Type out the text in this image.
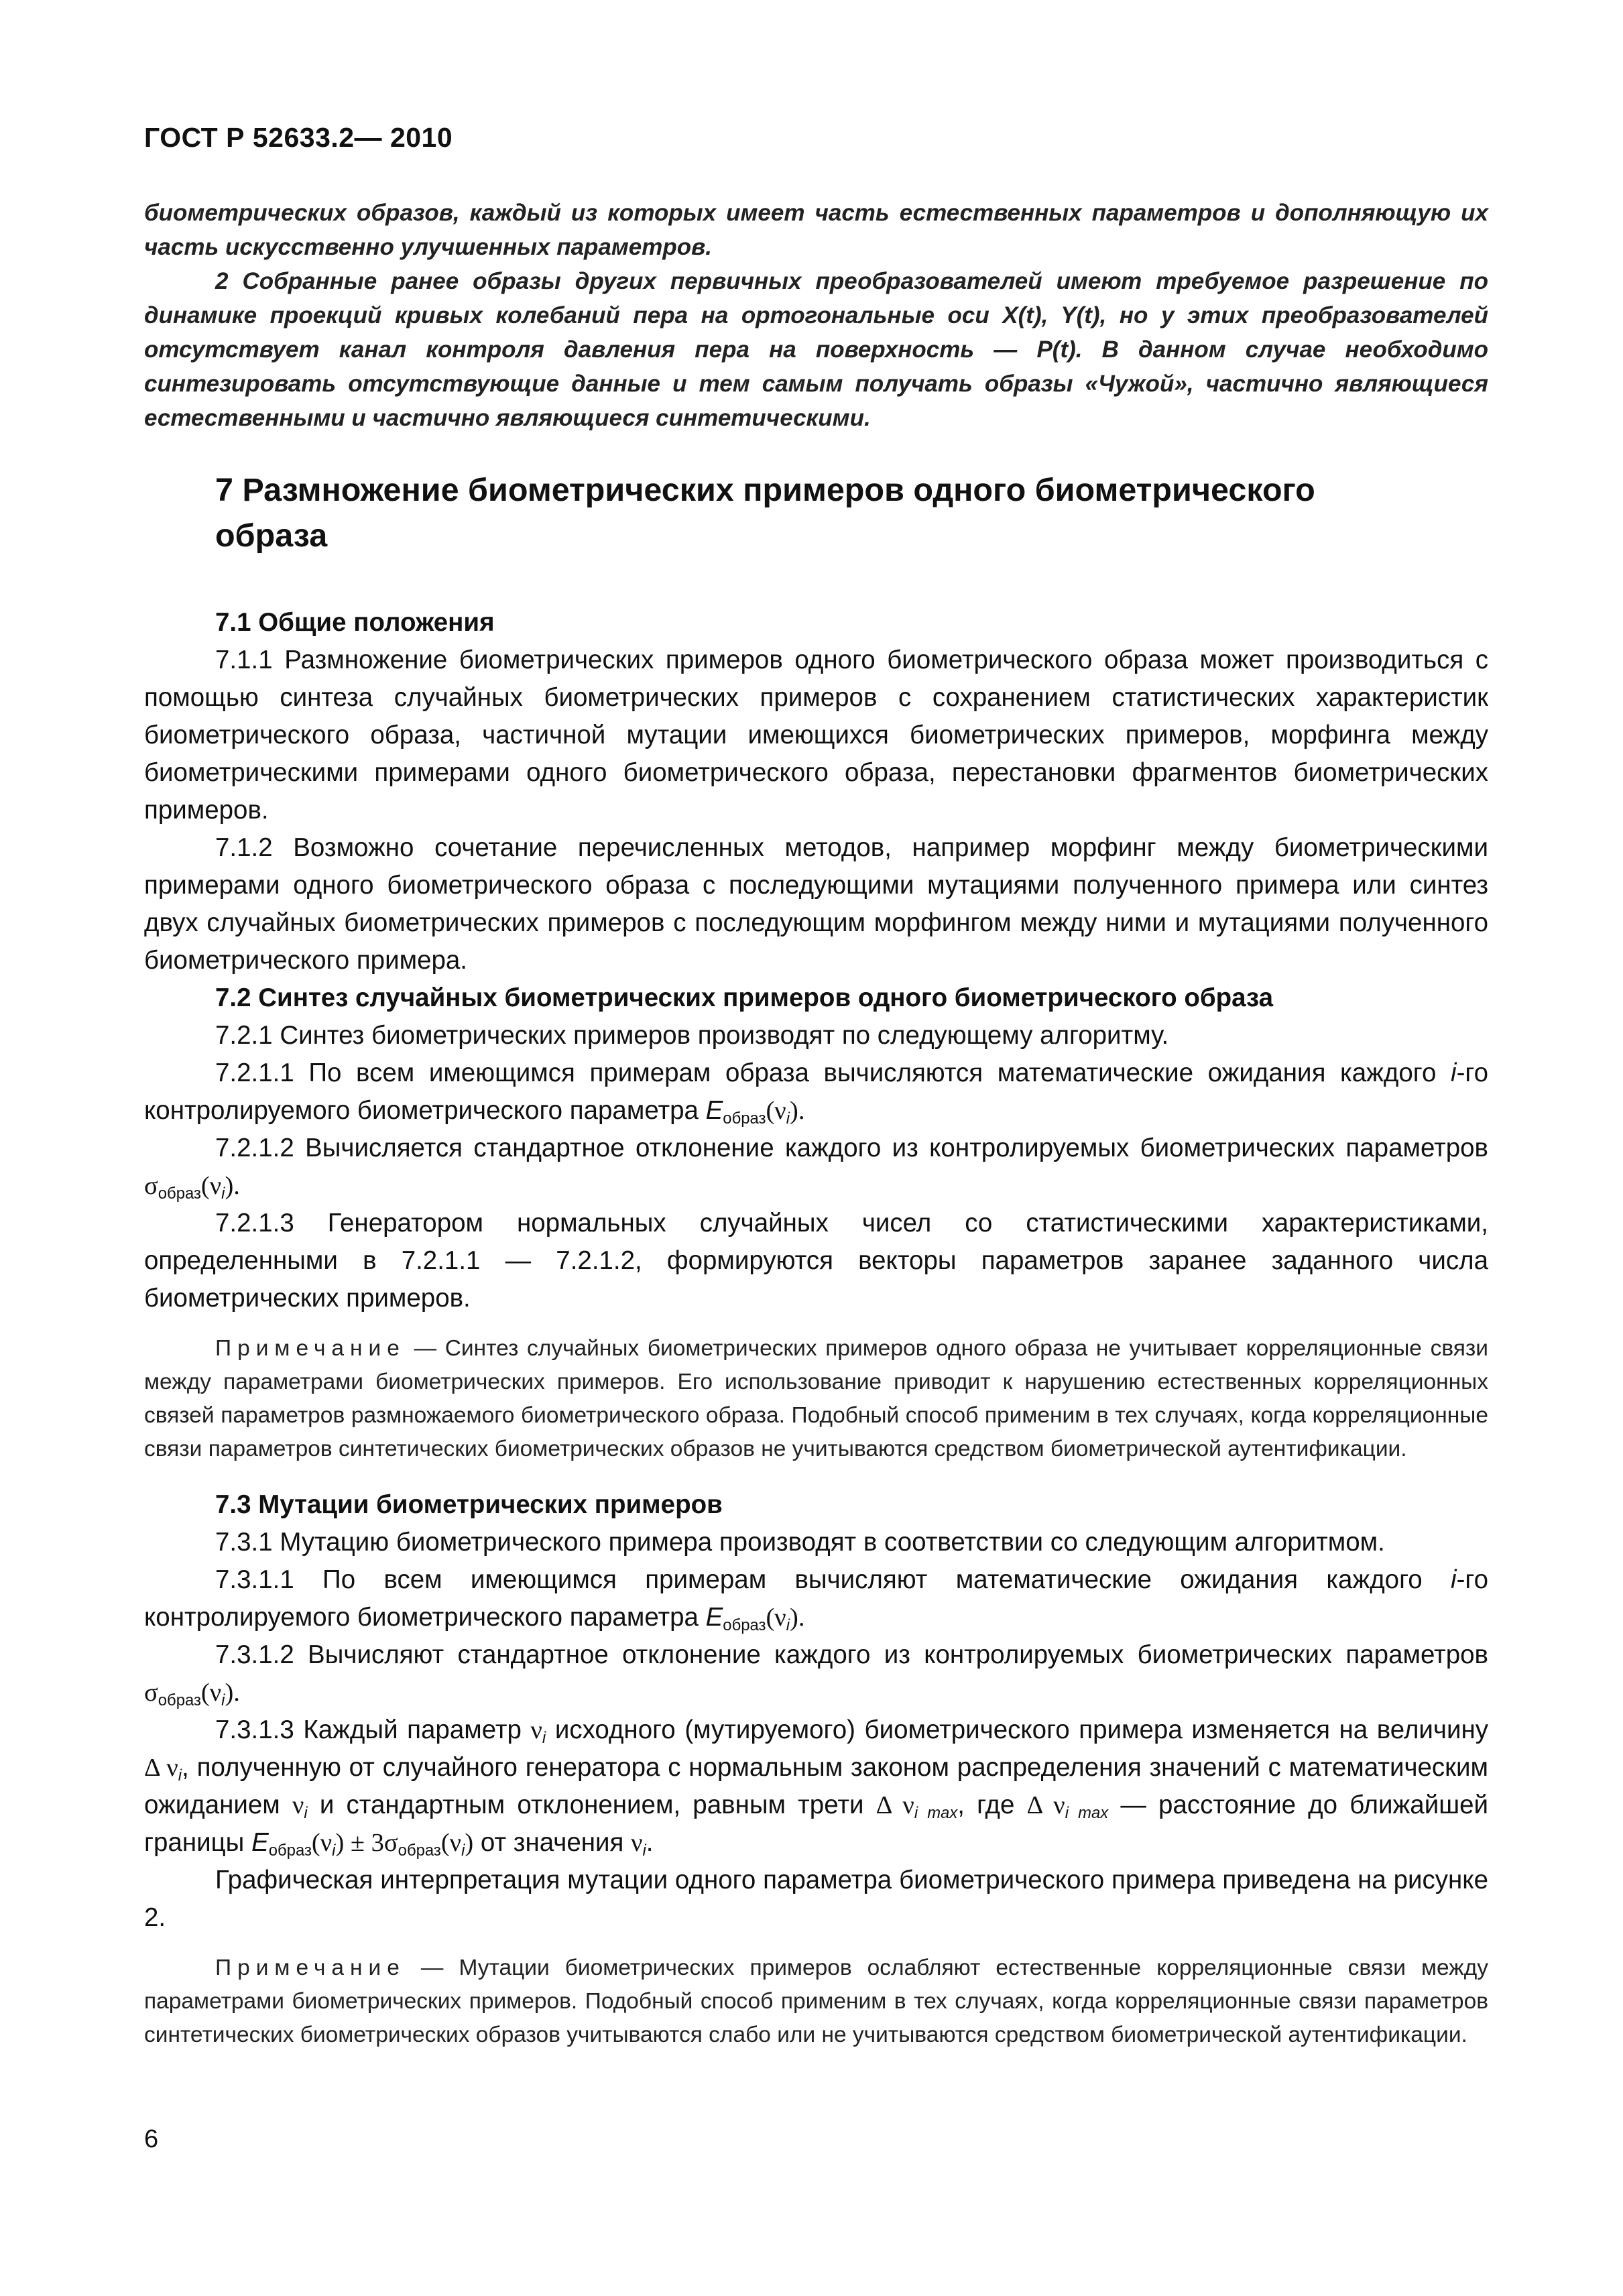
ГОСТ Р 52633.2— 2010

биометрических образов, каждый из которых имеет часть естественных параметров и дополняющую их часть искусственно улучшенных параметров.

2 Собранные ранее образы других первичных преобразователей имеют требуемое разрешение по динамике проекций кривых колебаний пера на ортогональные оси X(t), Y(t), но у этих преобразователей отсутствует канал контроля давления пера на поверхность — P(t). В данном случае необходимо синтезировать отсутствующие данные и тем самым получать образы «Чужой», частично являющиеся естественными и частично являющиеся синтетическими.

7 Размножение биометрических примеров одного биометрического образа

7.1 Общие положения

7.1.1 Размножение биометрических примеров одного биометрического образа может производиться с помощью синтеза случайных биометрических примеров с сохранением статистических характеристик биометрического образа, частичной мутации имеющихся биометрических примеров, морфинга между биометрическими примерами одного биометрического образа, перестановки фрагментов биометрических примеров.

7.1.2 Возможно сочетание перечисленных методов, например морфинг между биометрическими примерами одного биометрического образа с последующими мутациями полученного примера или синтез двух случайных биометрических примеров с последующим морфингом между ними и мутациями полученного биометрического примера.

7.2 Синтез случайных биометрических примеров одного биометрического образа

7.2.1 Синтез биометрических примеров производят по следующему алгоритму.

7.2.1.1 По всем имеющимся примерам образа вычисляются математические ожидания каждого i-го контролируемого биометрического параметра $E_{образ}(\nu_i)$.

7.2.1.2 Вычисляется стандартное отклонение каждого из контролируемых биометрических параметров $\sigma_{образ}(\nu_i)$.

7.2.1.3 Генератором нормальных случайных чисел со статистическими характеристиками, определенными в 7.2.1.1 — 7.2.1.2, формируются векторы параметров заранее заданного числа биометрических примеров.

Примечание — Синтез случайных биометрических примеров одного образа не учитывает корреляционные связи между параметрами биометрических примеров. Его использование приводит к нарушению естественных корреляционных связей параметров размножаемого биометрического образа. Подобный способ применим в тех случаях, когда корреляционные связи параметров синтетических биометрических образов не учитываются средством биометрической аутентификации.

7.3 Мутации биометрических примеров

7.3.1 Мутацию биометрического примера производят в соответствии со следующим алгоритмом.

7.3.1.1 По всем имеющимся примерам вычисляют математические ожидания каждого i-го контролируемого биометрического параметра $E_{образ}(\nu_i)$.

7.3.1.2 Вычисляют стандартное отклонение каждого из контролируемых биометрических параметров $\sigma_{образ}(\nu_i)$.

7.3.1.3 Каждый параметр $\nu_i$ исходного (мутируемого) биометрического примера изменяется на величину Δ $\nu_i$, полученную от случайного генератора с нормальным законом распределения значений с математическим ожиданием $\nu_i$ и стандартным отклонением, равным трети Δ $\nu_{i max}$, где Δ $\nu_{i max}$ — расстояние до ближайшей границы $E_{образ}(\nu_i) \pm 3\sigma_{образ}(\nu_i)$ от значения $\nu_i$.

Графическая интерпретация мутации одного параметра биометрического примера приведена на рисунке 2.

Примечание — Мутации биометрических примеров ослабляют естественные корреляционные связи между параметрами биометрических примеров. Подобный способ применим в тех случаях, когда корреляционные связи параметров синтетических биометрических образов учитываются слабо или не учитываются средством биометрической аутентификации.

6
